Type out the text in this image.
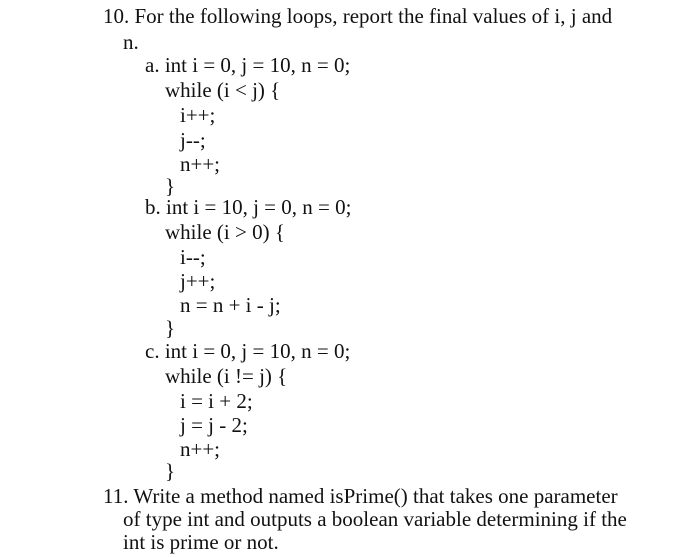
10. For the following loops, report the final values of i, j and
n.
a. int i = 0, j = 10, n = 0;
while (i < j) {
i++;
j--;
n++;
}
b. int i = 10, j = 0, n = 0;
while (i > 0) {
i--;
j++;
n = n + i - j;
}
c. int i = 0, j = 10, n = 0;
while (i != j) {
i = i + 2;
j = j - 2;
n++;
}
11. Write a method named isPrime() that takes one parameter
of type int and outputs a boolean variable determining if the
int is prime or not.
